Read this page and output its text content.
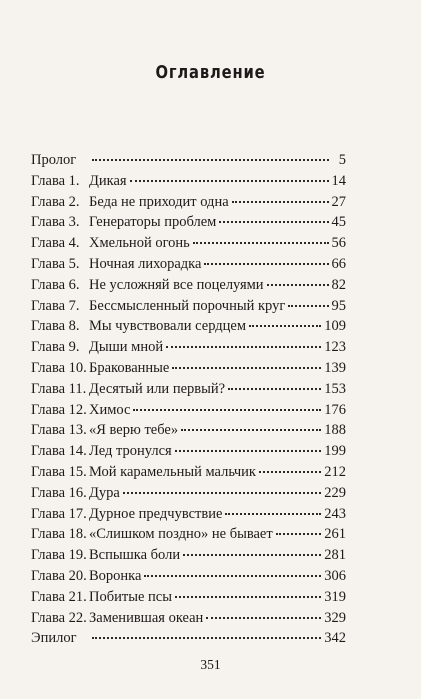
Оглавление
Пролог	5
Глава 1. Дикая	14
Глава 2. Беда не приходит одна	27
Глава 3. Генераторы проблем	45
Глава 4. Хмельной огонь	56
Глава 5. Ночная лихорадка	66
Глава 6. Не усложняй все поцелуями	82
Глава 7. Бессмысленный порочный круг	95
Глава 8. Мы чувствовали сердцем	109
Глава 9. Дыши мной	123
Глава 10. Бракованные	139
Глава 11. Десятый или первый?	153
Глава 12. Химос	176
Глава 13. «Я верю тебе»	188
Глава 14. Лед тронулся	199
Глава 15. Мой карамельный мальчик	212
Глава 16. Дура	229
Глава 17. Дурное предчувствие	243
Глава 18. «Слишком поздно» не бывает	261
Глава 19. Вспышка боли	281
Глава 20. Воронка	306
Глава 21. Побитые псы	319
Глава 22. Заменившая океан	329
Эпилог	342
351
